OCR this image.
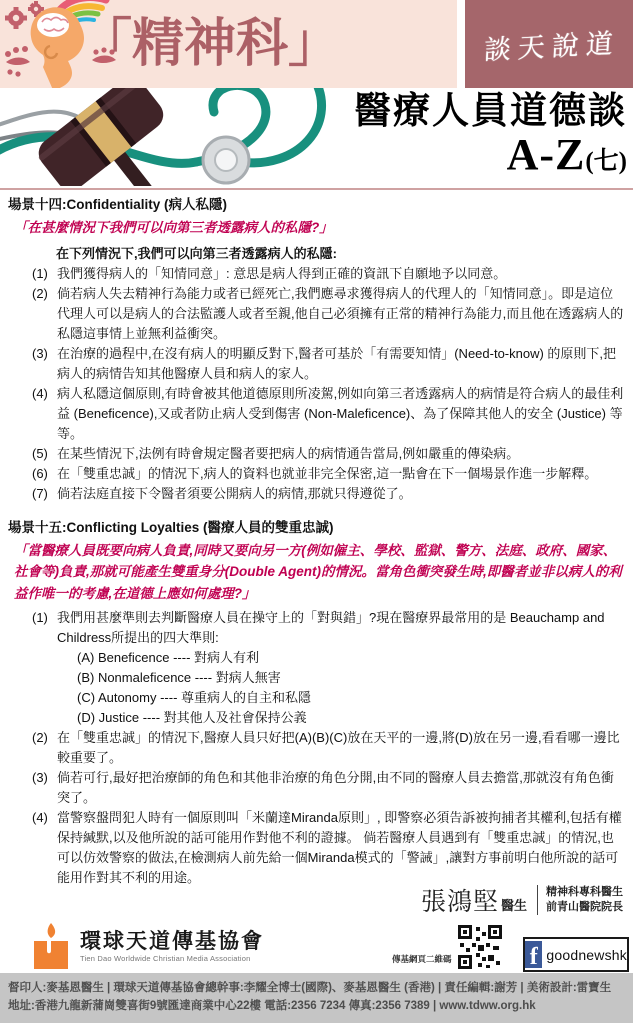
「精神科」	談天說道
醫療人員道德談
A-Z(七)
場景十四:Confidentiality (病人私隱)
「在甚麼情況下我們可以向第三者透露病人的私隱?」
在下列情況下,我們可以向第三者透露病人的私隱:
(1) 我們獲得病人的「知情同意」: 意思是病人得到正確的資訊下自願地予以同意。
(2) 倘若病人失去精神行為能力或者已經死亡,我們應尋求獲得病人的代理人的「知情同意」。即是這位代理人可以是病人的合法監護人或者至親,他自己必須擁有正常的精神行為能力,而且他在透露病人的私隱這事情上並無利益衝突。
(3) 在治療的過程中,在沒有病人的明顯反對下,醫者可基於「有需要知情」(Need-to-know) 的原則下,把病人的病情告知其他醫療人員和病人的家人。
(4) 病人私隱這個原則,有時會被其他道德原則所凌駕,例如向第三者透露病人的病情是符合病人的最佳利益 (Beneficence),又或者防止病人受到傷害 (Non-Maleficence)、為了保障其他人的安全 (Justice) 等等。
(5) 在某些情況下,法例有時會規定醫者要把病人的病情通告當局,例如嚴重的傳染病。
(6) 在「雙重忠誠」的情況下,病人的資料也就並非完全保密,這一點會在下一個場景作進一步解釋。
(7) 倘若法庭直接下令醫者須要公開病人的病情,那就只得遵從了。
場景十五:Conflicting Loyalties (醫療人員的雙重忠誠)
「當醫療人員既要向病人負責,同時又要向另一方(例如僱主、學校、監獄、警方、法庭、政府、國家、社會等)負責,那就可能產生雙重身分(Double Agent)的情況。當角色衝突發生時,即醫者並非以病人的利益作唯一的考慮,在道德上應如何處理?」
(1) 我們用甚麼準則去判斷醫療人員在操守上的「對與錯」?現在醫療界最常用的是 Beauchamp and Childress所提出的四大準則:
(A) Beneficence ---- 對病人有利
(B) Nonmaleficence ---- 對病人無害
(C) Autonomy ---- 尊重病人的自主和私隱
(D) Justice ---- 對其他人及社會保持公義
(2) 在「雙重忠誠」的情況下,醫療人員只好把(A)(B)(C)放在天平的一邊,將(D)放在另一邊,看看哪一邊比較重要了。
(3) 倘若可行,最好把治療師的角色和其他非治療的角色分開,由不同的醫療人員去擔當,那就沒有角色衝突了。
(4) 當警察盤問犯人時有一個原則叫「米蘭達Miranda原則」, 即警察必須告訴被拘捕者其權利,包括有權保持緘默,以及他所說的話可能用作對他不利的證據。 倘若醫療人員遇到有「雙重忠誠」的情況,也可以仿效警察的做法,在檢測病人前先給一個Miranda模式的「警誡」,讓對方事前明白他所說的話可能用作對其不利的用途。
張鴻堅 醫生
精神科專科醫生
前青山醫院院長
環球天道傳基協會
Tien Dao Worldwide Christian Media Association	傳基網頁二維碼	f goodnewshk
督印人:麥基恩醫生 | 環球天道傳基協會總幹事:李耀全博士(國際)、麥基恩醫生 (香港) | 責任編輯:謝芳 | 美術設計:雷寶生
地址:香港九龍新蒲崗雙喜街9號匯達商業中心22樓 電話:2356 7234 傳真:2356 7389 | www.tdww.org.hk
